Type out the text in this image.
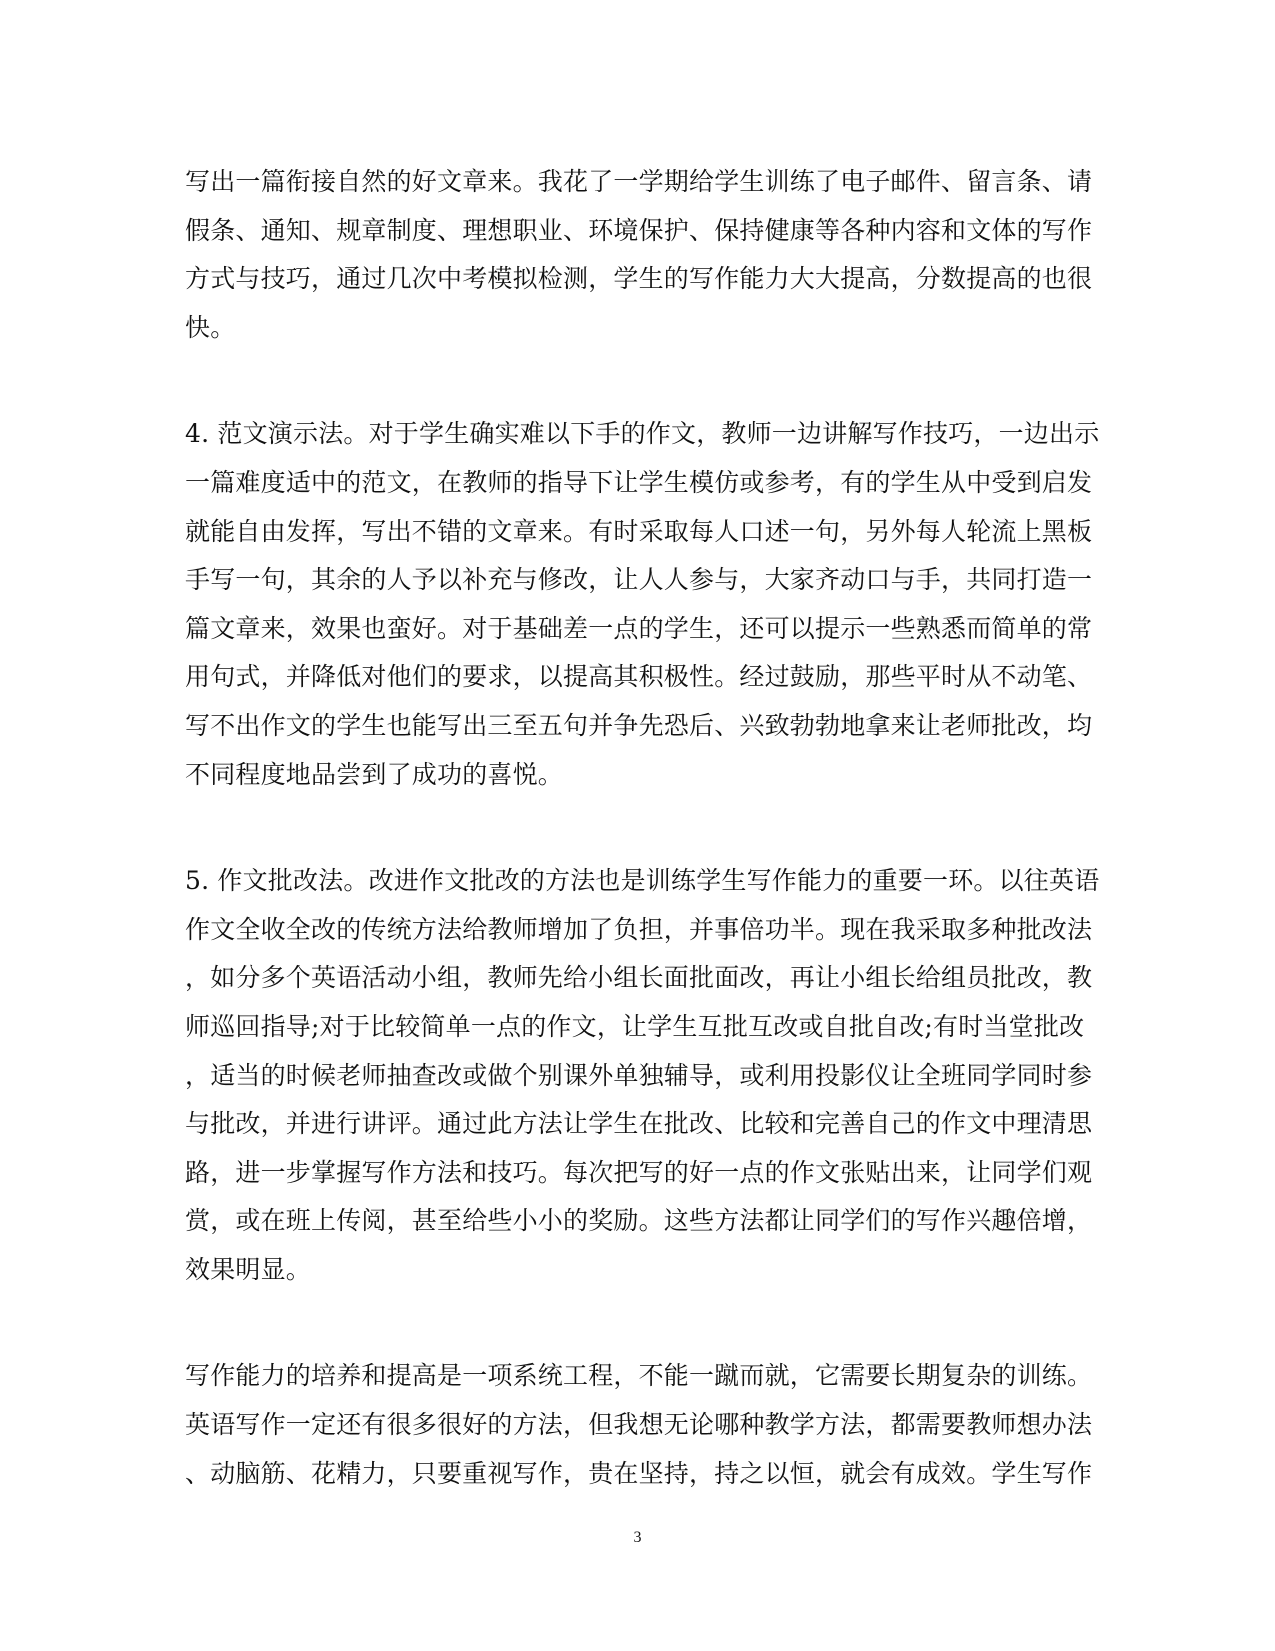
写出一篇衔接自然的好文章来。我花了一学期给学生训练了电子邮件、留言条、请
假条、通知、规章制度、理想职业、环境保护、保持健康等各种内容和文体的写作
方式与技巧，通过几次中考模拟检测，学生的写作能力大大提高，分数提高的也很
快。

4. 范文演示法。对于学生确实难以下手的作文，教师一边讲解写作技巧，一边出示
一篇难度适中的范文，在教师的指导下让学生模仿或参考，有的学生从中受到启发
就能自由发挥，写出不错的文章来。有时采取每人口述一句，另外每人轮流上黑板
手写一句，其余的人予以补充与修改，让人人参与，大家齐动口与手，共同打造一
篇文章来，效果也蛮好。对于基础差一点的学生，还可以提示一些熟悉而简单的常
用句式，并降低对他们的要求，以提高其积极性。经过鼓励，那些平时从不动笔、
写不出作文的学生也能写出三至五句并争先恐后、兴致勃勃地拿来让老师批改，均
不同程度地品尝到了成功的喜悦。

5. 作文批改法。改进作文批改的方法也是训练学生写作能力的重要一环。以往英语
作文全收全改的传统方法给教师增加了负担，并事倍功半。现在我采取多种批改法
，如分多个英语活动小组，教师先给小组长面批面改，再让小组长给组员批改，教
师巡回指导;对于比较简单一点的作文，让学生互批互改或自批自改;有时当堂批改
，适当的时候老师抽查改或做个别课外单独辅导，或利用投影仪让全班同学同时参
与批改，并进行讲评。通过此方法让学生在批改、比较和完善自己的作文中理清思
路，进一步掌握写作方法和技巧。每次把写的好一点的作文张贴出来，让同学们观
赏，或在班上传阅，甚至给些小小的奖励。这些方法都让同学们的写作兴趣倍增，
效果明显。

写作能力的培养和提高是一项系统工程，不能一蹴而就，它需要长期复杂的训练。
英语写作一定还有很多很好的方法，但我想无论哪种教学方法，都需要教师想办法
、动脑筋、花精力，只要重视写作，贵在坚持，持之以恒，就会有成效。学生写作

3
